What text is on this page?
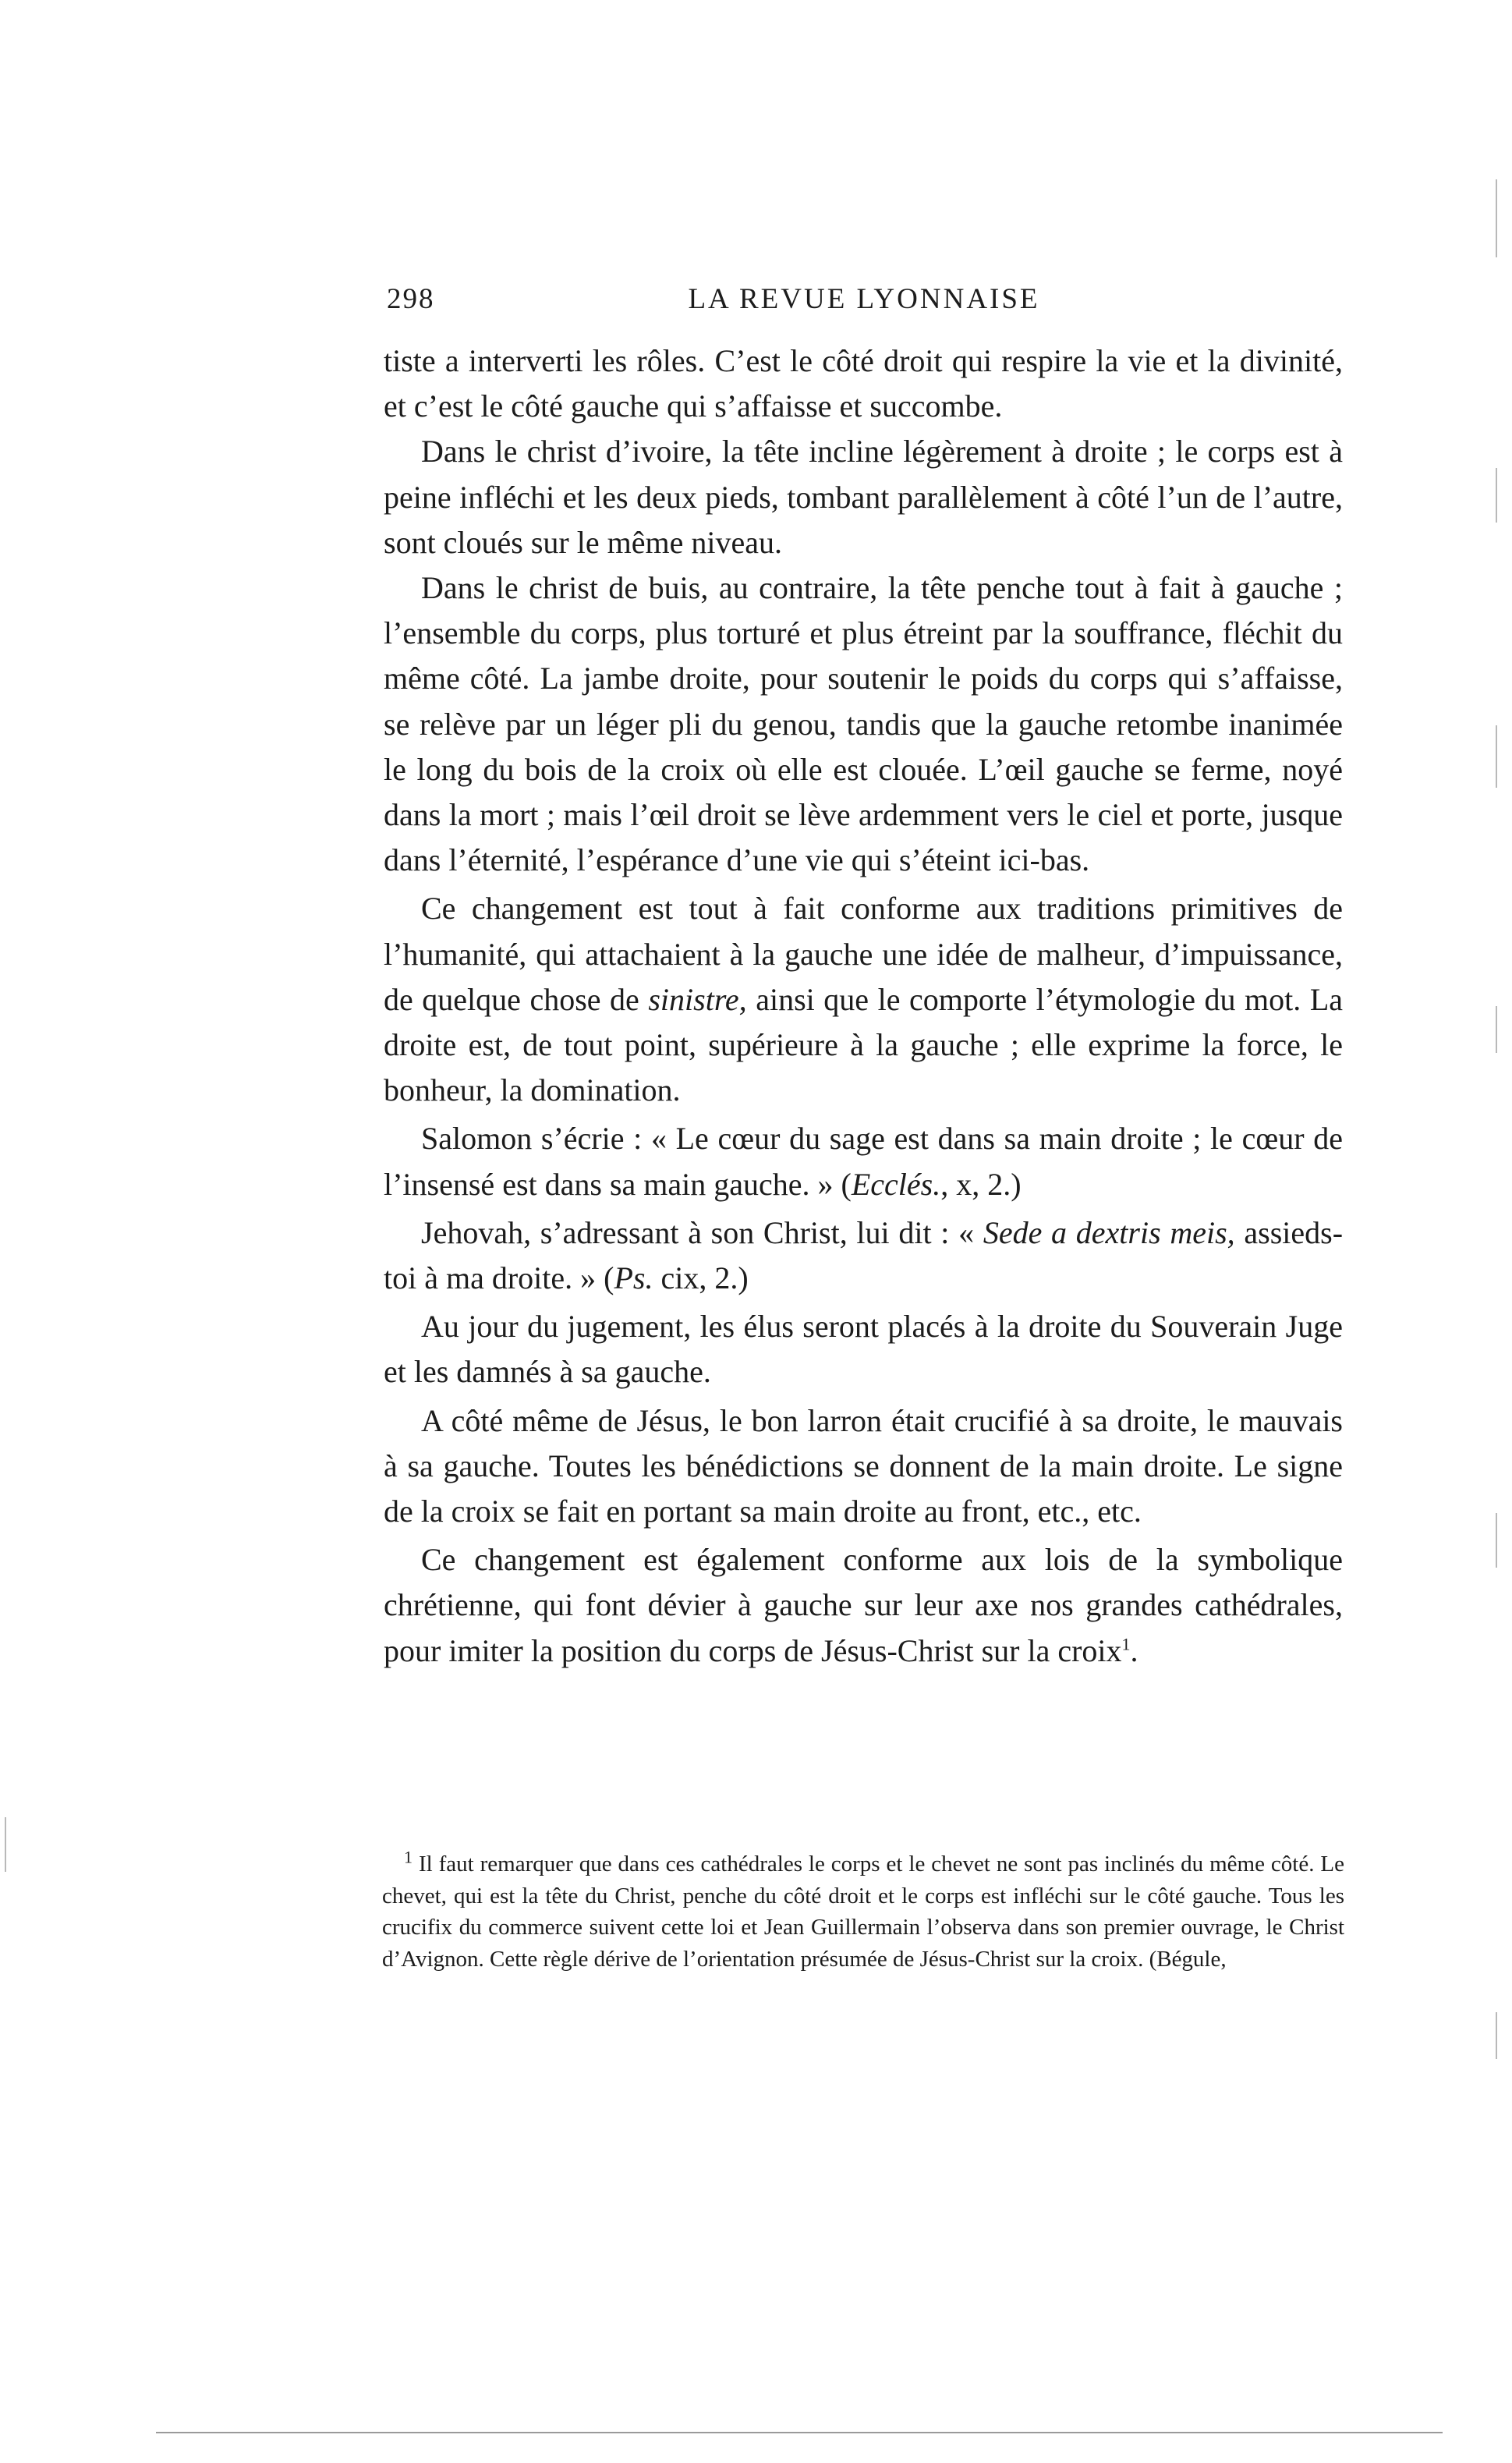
298	LA REVUE LYONNAISE

tiste a interverti les rôles. C’est le côté droit qui respire la vie et la divinité, et c’est le côté gauche qui s’affaisse et succombe.

Dans le christ d’ivoire, la tête incline légèrement à droite ; le corps est à peine infléchi et les deux pieds, tombant parallèlement à côté l’un de l’autre, sont cloués sur le même niveau.

Dans le christ de buis, au contraire, la tête penche tout à fait à gauche ; l’ensemble du corps, plus torturé et plus étreint par la souffrance, fléchit du même côté. La jambe droite, pour soutenir le poids du corps qui s’affaisse, se relève par un léger pli du genou, tandis que la gauche retombe inanimée le long du bois de la croix où elle est clouée. L’œil gauche se ferme, noyé dans la mort ; mais l’œil droit se lève ardemment vers le ciel et porte, jusque dans l’éternité, l’espérance d’une vie qui s’éteint ici-bas.

Ce changement est tout à fait conforme aux traditions primitives de l’humanité, qui attachaient à la gauche une idée de malheur, d’impuissance, de quelque chose de sinistre, ainsi que le comporte l’étymologie du mot. La droite est, de tout point, supérieure à la gauche ; elle exprime la force, le bonheur, la domination.

Salomon s’écrie : « Le cœur du sage est dans sa main droite ; le cœur de l’insensé est dans sa main gauche. » (Ecclés., x, 2.)

Jehovah, s’adressant à son Christ, lui dit : « Sede a dextris meis, assieds-toi à ma droite. » (Ps. cix, 2.)

Au jour du jugement, les élus seront placés à la droite du Souverain Juge et les damnés à sa gauche.

A côté même de Jésus, le bon larron était crucifié à sa droite, le mauvais à sa gauche. Toutes les bénédictions se donnent de la main droite. Le signe de la croix se fait en portant sa main droite au front, etc., etc.

Ce changement est également conforme aux lois de la symbolique chrétienne, qui font dévier à gauche sur leur axe nos grandes cathédrales, pour imiter la position du corps de Jésus-Christ sur la croix$^1$.

$^1$ Il faut remarquer que dans ces cathédrales le corps et le chevet ne sont pas inclinés du même côté. Le chevet, qui est la tête du Christ, penche du côté droit et le corps est infléchi sur le côté gauche. Tous les crucifix du commerce suivent cette loi et Jean Guillermain l’observa dans son premier ouvrage, le Christ d’Avignon. Cette règle dérive de l’orientation présumée de Jésus-Christ sur la croix. (Bégule,
